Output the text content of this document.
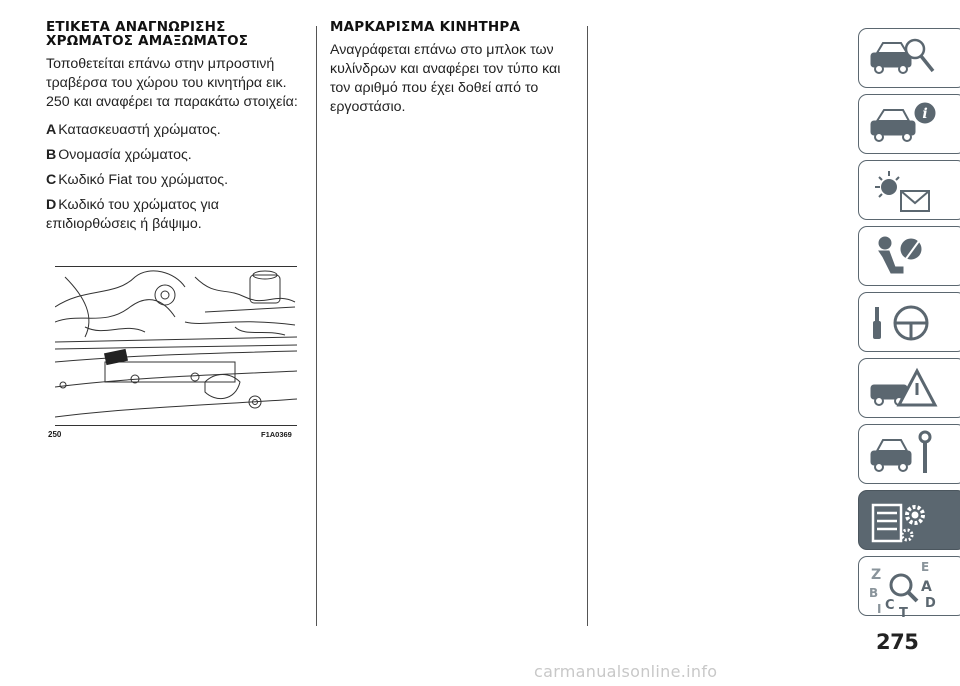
ΕΤΙΚΕΤΑ ΑΝΑΓΝΩΡΙΣΗΣ
ΧΡΩΜΑΤΟΣ ΑΜΑΞΩΜΑΤΟΣ

Τοποθετείται επάνω στην μπροστινή τραβέρσα του χώρου του κινητήρα εικ. 250 και αναφέρει τα παρακάτω στοιχεία:

A Κατασκευαστή χρώματος.
B Ονομασία χρώματος.
C Κωδικό Fiat του χρώματος.
D Κωδικό του χρώματος για επιδιορθώσεις ή βάψιμο.
250	F1A0369
ΜΑΡΚΑΡΙΣΜΑ ΚΙΝΗΤΗΡΑ

Αναγράφεται επάνω στο μπλοκ των κυλίνδρων και αναφέρει τον τύπο και τον αριθμό που έχει δοθεί από το εργοστάσιο.	i
Z	E
A
B
C D
T
I
275
carmanualsonline.info
